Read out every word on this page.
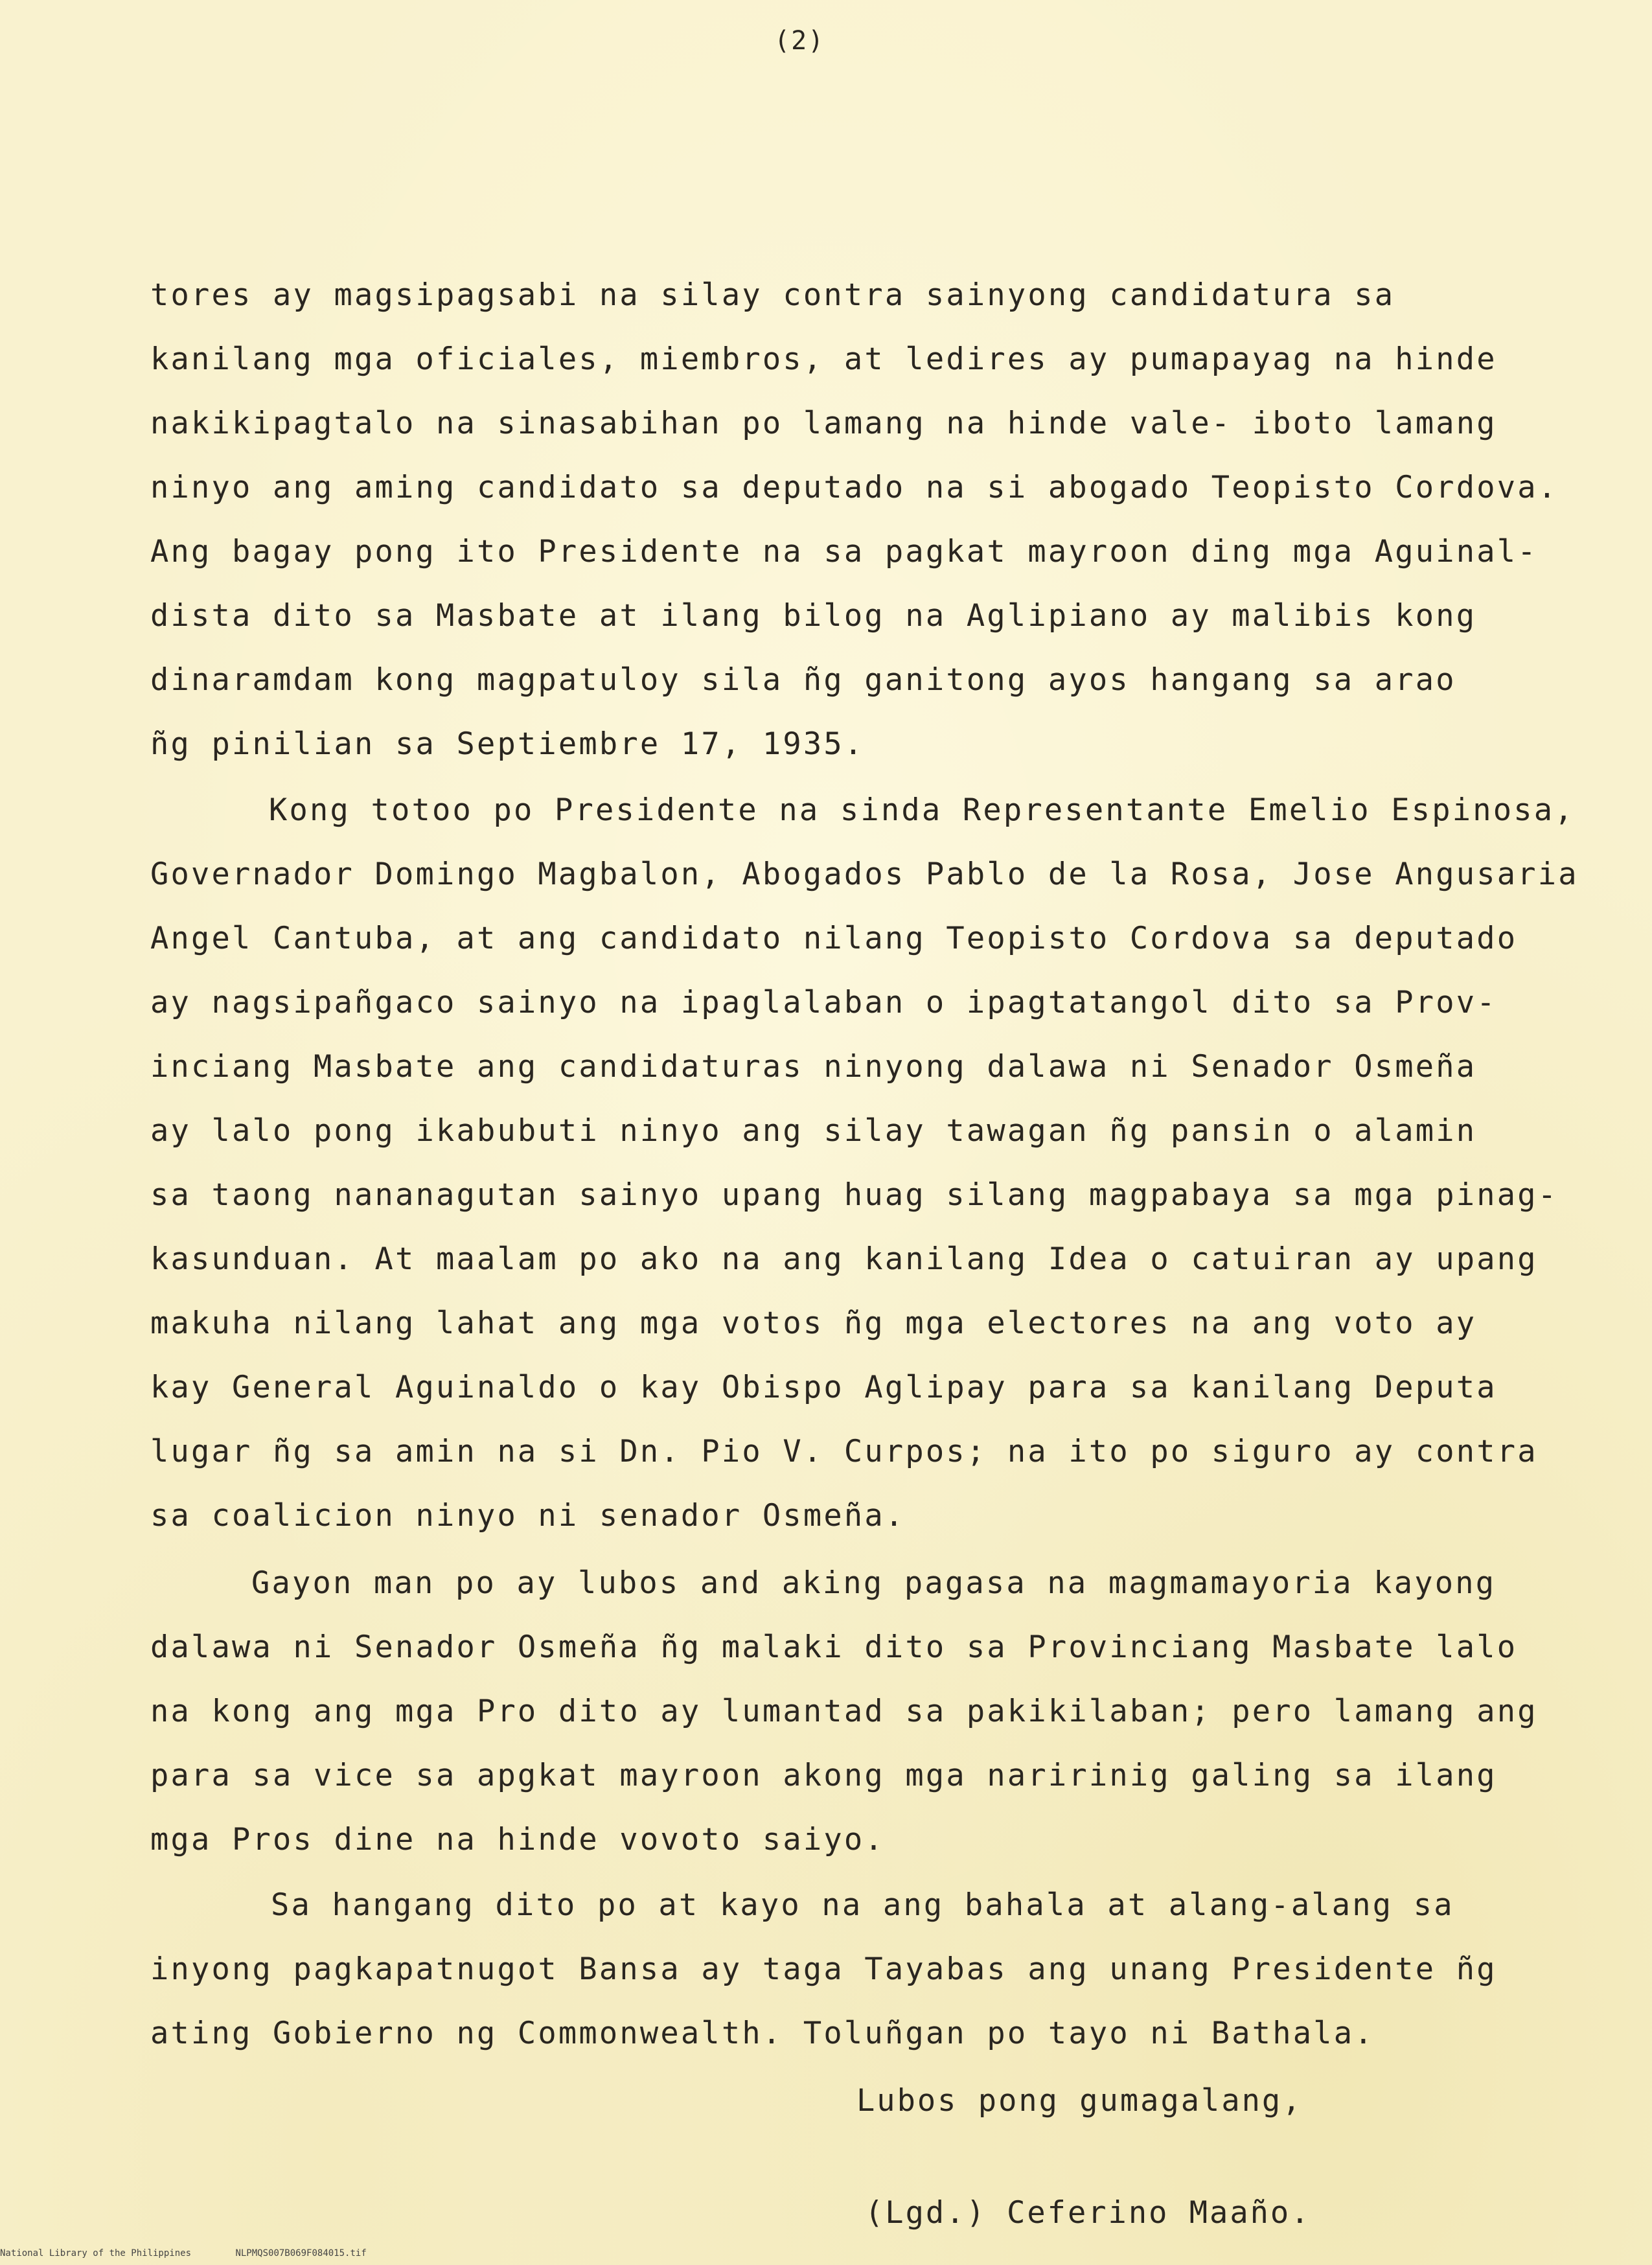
(2)
tores ay magsipagsabi na silay contra sainyong candidatura sa
kanilang mga oficiales, miembros, at ledires ay pumapayag na hinde
nakikipagtalo na sinasabihan po lamang na hinde vale- iboto lamang
ninyo ang aming candidato sa deputado na si abogado Teopisto Cordova.
Ang bagay pong ito Presidente na sa pagkat mayroon ding mga Aguinal-
dista dito sa Masbate at ilang bilog na Aglipiano ay malibis kong
dinaramdam kong magpatuloy sila ñg ganitong ayos hangang sa arao
ñg pinilian sa Septiembre 17, 1935.
Kong totoo po Presidente na sinda Representante Emelio Espinosa,
Governador Domingo Magbalon, Abogados Pablo de la Rosa, Jose Angusaria
Angel Cantuba, at ang candidato nilang Teopisto Cordova sa deputado
ay nagsipañgaco sainyo na ipaglalaban o ipagtatangol dito sa Prov-
inciang Masbate ang candidaturas ninyong dalawa ni Senador Osmeña
ay lalo pong ikabubuti ninyo ang silay tawagan ñg pansin o alamin
sa taong nananagutan sainyo upang huag silang magpabaya sa mga pinag-
kasunduan. At maalam po ako na ang kanilang Idea o catuiran ay upang
makuha nilang lahat ang mga votos ñg mga electores na ang voto ay
kay General Aguinaldo o kay Obispo Aglipay para sa kanilang Deputa
lugar ñg sa amin na si Dn. Pio V. Curpos; na ito po siguro ay contra
sa coalicion ninyo ni senador Osmeña.
Gayon man po ay lubos and aking pagasa na magmamayoria kayong
dalawa ni Senador Osmeña ñg malaki dito sa Provinciang Masbate lalo
na kong ang mga Pro dito ay lumantad sa pakikilaban; pero lamang ang
para sa vice sa apgkat mayroon akong mga naririnig galing sa ilang
mga Pros dine na hinde vovoto saiyo.
Sa hangang dito po at kayo na ang bahala at alang-alang sa
inyong pagkapatnugot Bansa ay taga Tayabas ang unang Presidente ñg
ating Gobierno ng Commonwealth. Toluñgan po tayo ni Bathala.
Lubos pong gumagalang,
(Lgd.) Ceferino Maaño.
National Library of the Philippines	NLPMQS007B069F084015.tif
